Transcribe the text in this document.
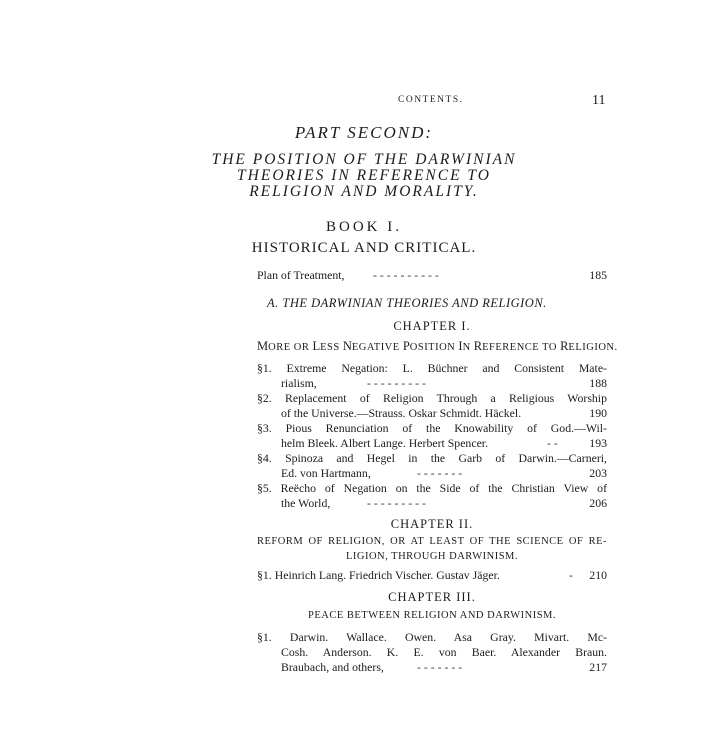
CONTENTS.	11
PART SECOND:
THE POSITION OF THE DARWINIAN
THEORIES IN REFERENCE TO
RELIGION AND MORALITY.
BOOK I.
HISTORICAL AND CRITICAL.
Plan of Treatment, - - - - - - - - - -	185
A. THE DARWINIAN THEORIES AND RELIGION.
CHAPTER I.
MORE OR LESS NEGATIVE POSITION IN REFERENCE TO RELIGION.
§1. Extreme Negation: L. Büchner and Consistent Mate-
rialism,	- - - - - - - - -	188
§2. Replacement of Religion Through a Religious Worship
of the Universe.—Strauss. Oskar Schmidt. Häckel.	190
§3. Pious Renunciation of the Knowability of God.—Wil-
helm Bleek. Albert Lange. Herbert Spencer.	- -	193
§4. Spinoza and Hegel in the Garb of Darwin.—Carneri,
Ed. von Hartmann,	- - - - - - -	203
§5. Reëcho of Negation on the Side of the Christian View of
the World,	- - - - - - - - -	206
CHAPTER II.
REFORM OF RELIGION, OR AT LEAST OF THE SCIENCE OF RE-
LIGION, THROUGH DARWINISM.
§1. Heinrich Lang. Friedrich Vischer. Gustav Jäger.	- 210
CHAPTER III.
PEACE BETWEEN RELIGION AND DARWINISM.
§1. Darwin. Wallace. Owen. Asa Gray. Mivart. Mc-
Cosh. Anderson. K. E. von Baer. Alexander Braun.
Braubach, and others,	- - - - - - -	217
